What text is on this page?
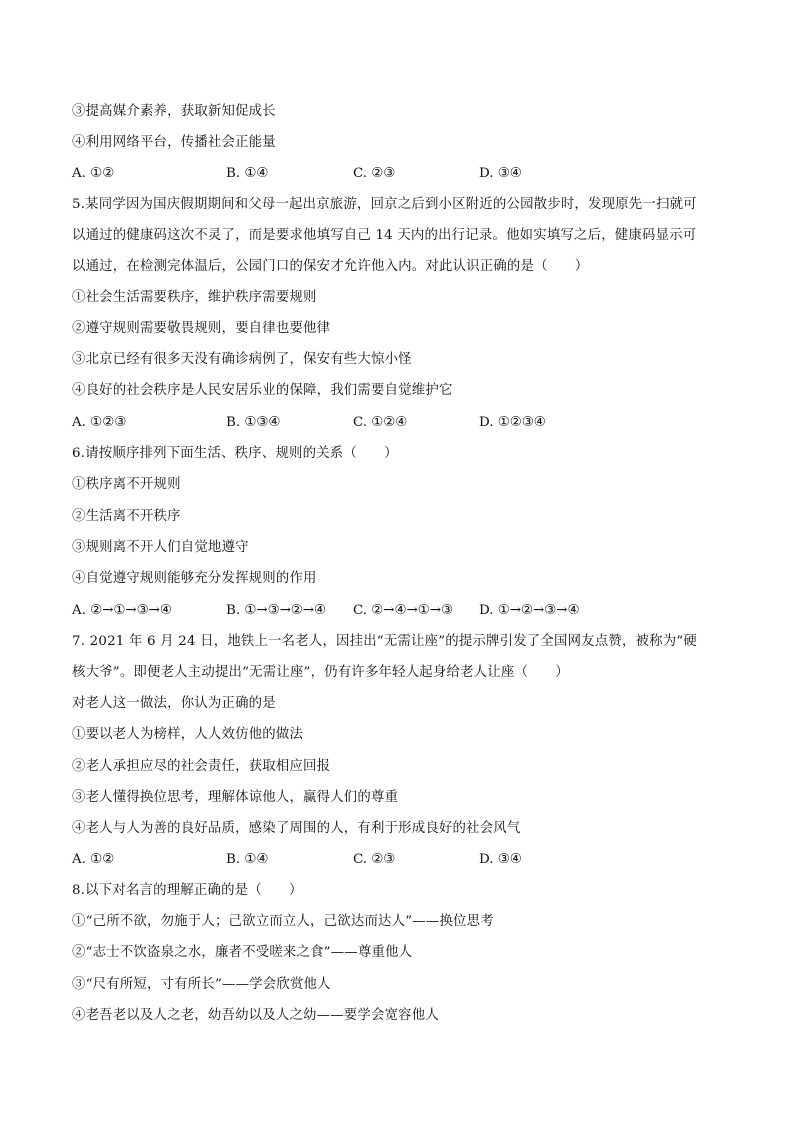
③提高媒介素养，获取新知促成长
④利用网络平台，传播社会正能量
A. ①②	B. ①④	C. ②③	D. ③④
5.某同学因为国庆假期期间和父母一起出京旅游，回京之后到小区附近的公园散步时，发现原先一扫就可
以通过的健康码这次不灵了，而是要求他填写自己 14 天内的出行记录。他如实填写之后，健康码显示可
以通过，在检测完体温后，公园门口的保安才允许他入内。对此认识正确的是（　　）
①社会生活需要秩序，维护秩序需要规则
②遵守规则需要敬畏规则，要自律也要他律
③北京已经有很多天没有确诊病例了，保安有些大惊小怪
④良好的社会秩序是人民安居乐业的保障，我们需要自觉维护它
A. ①②③	B. ①③④	C. ①②④	D. ①②③④
6.请按顺序排列下面生活、秩序、规则的关系（　　）
①秩序离不开规则
②生活离不开秩序
③规则离不开人们自觉地遵守
④自觉遵守规则能够充分发挥规则的作用
A. ②→①→③→④	B. ①→③→②→④ C. ②→④→①→③ D. ①→②→③→④
7. 2021 年 6 月 24 日，地铁上一名老人，因挂出“无需让座”的提示牌引发了全国网友点赞，被称为“硬
核大爷”。即便老人主动提出“无需让座”，仍有许多年轻人起身给老人让座（　　）
对老人这一做法，你认为正确的是
①要以老人为榜样，人人效仿他的做法
②老人承担应尽的社会责任，获取相应回报
③老人懂得换位思考，理解体谅他人，赢得人们的尊重
④老人与人为善的良好品质，感染了周围的人，有利于形成良好的社会风气
A. ①②	B. ①④	C. ②③	D. ③④
8.以下对名言的理解正确的是（　　）
①“己所不欲，勿施于人；己欲立而立人，己欲达而达人”——换位思考
②“志士不饮盗泉之水，廉者不受嗟来之食”——尊重他人
③“尺有所短，寸有所长”——学会欣赏他人
④老吾老以及人之老，幼吾幼以及人之幼——要学会宽容他人
